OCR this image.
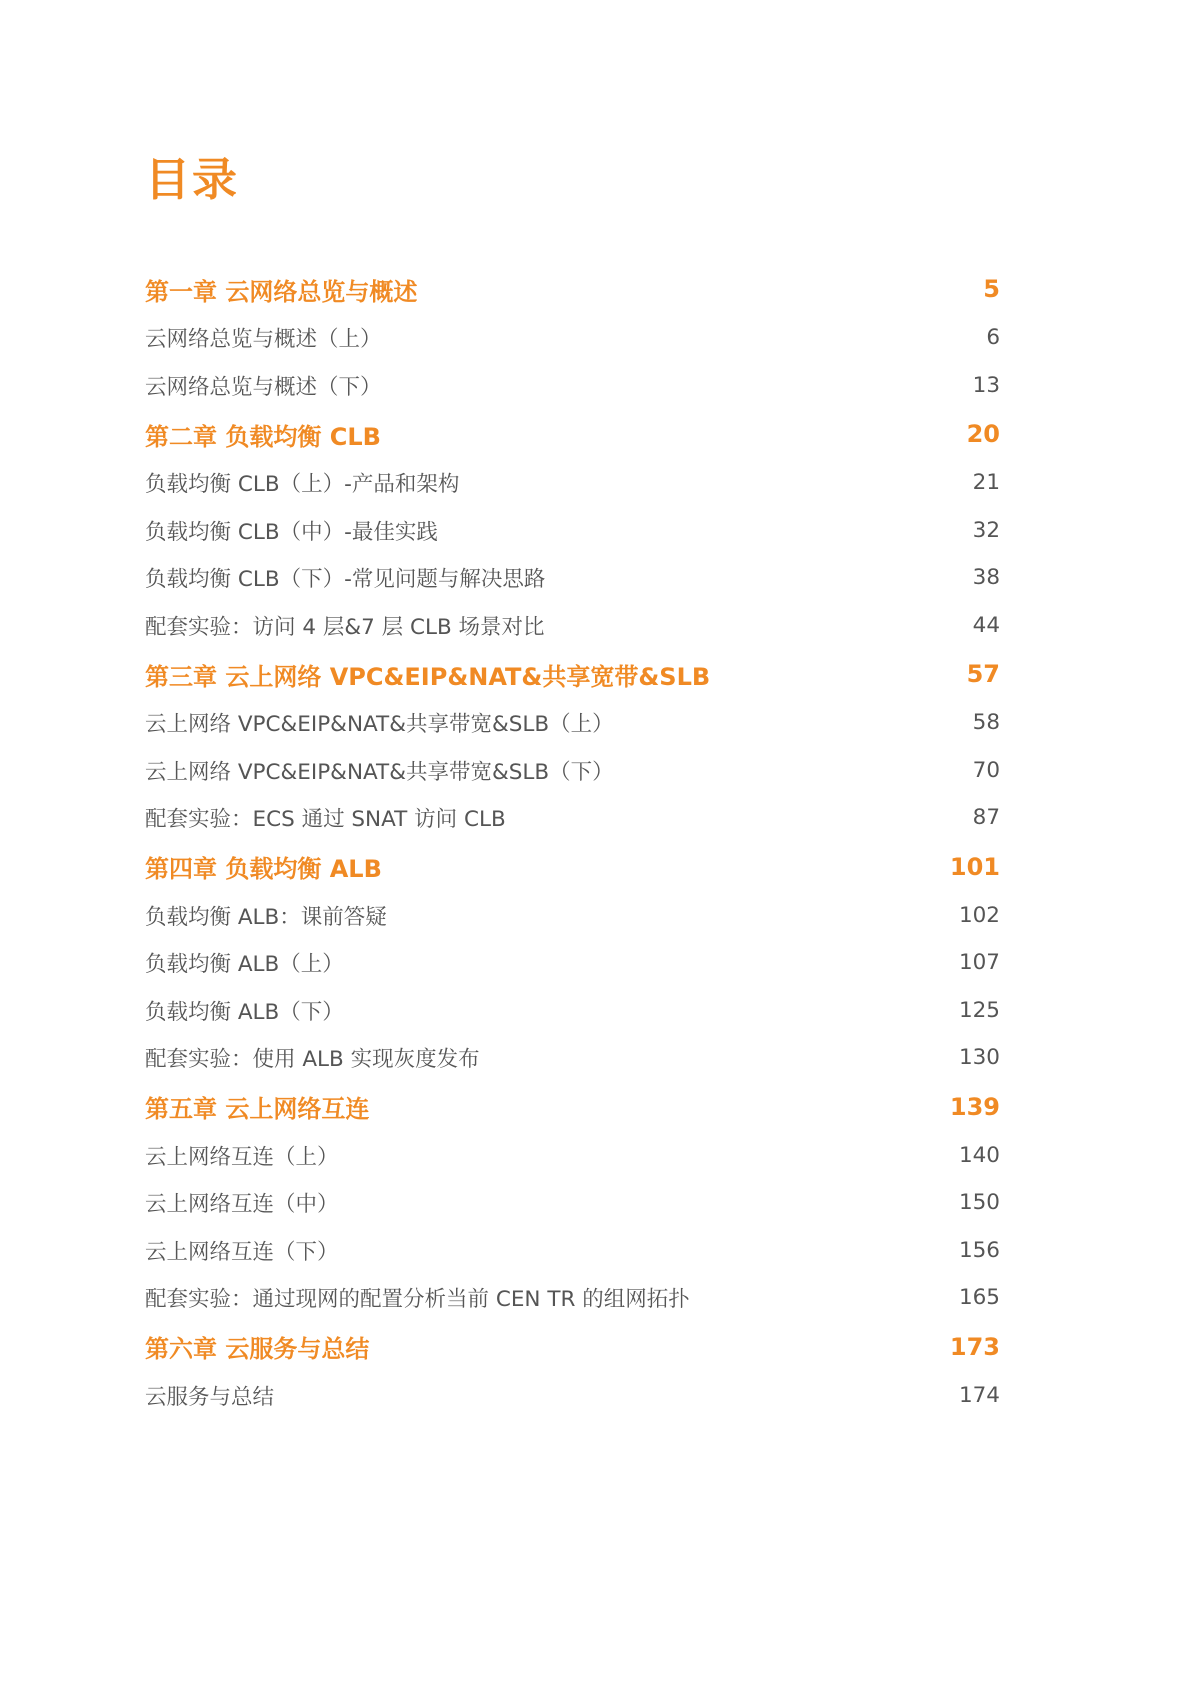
目录
第一章 云网络总览与概述	5
云网络总览与概述（上）	6
云网络总览与概述（下）	13
第二章 负载均衡 CLB	20
负载均衡 CLB（上）-产品和架构	21
负载均衡 CLB（中）-最佳实践	32
负载均衡 CLB（下）-常见问题与解决思路	38
配套实验：访问 4 层&7 层 CLB 场景对比	44
第三章 云上网络 VPC&EIP&NAT&共享宽带&SLB	57
云上网络 VPC&EIP&NAT&共享带宽&SLB（上）	58
云上网络 VPC&EIP&NAT&共享带宽&SLB（下）	70
配套实验：ECS 通过 SNAT 访问 CLB	87
第四章 负载均衡 ALB	101
负载均衡 ALB：课前答疑	102
负载均衡 ALB（上）	107
负载均衡 ALB（下）	125
配套实验：使用 ALB 实现灰度发布	130
第五章 云上网络互连	139
云上网络互连（上）	140
云上网络互连（中）	150
云上网络互连（下）	156
配套实验：通过现网的配置分析当前 CEN TR 的组网拓扑	165
第六章 云服务与总结	173
云服务与总结	174
